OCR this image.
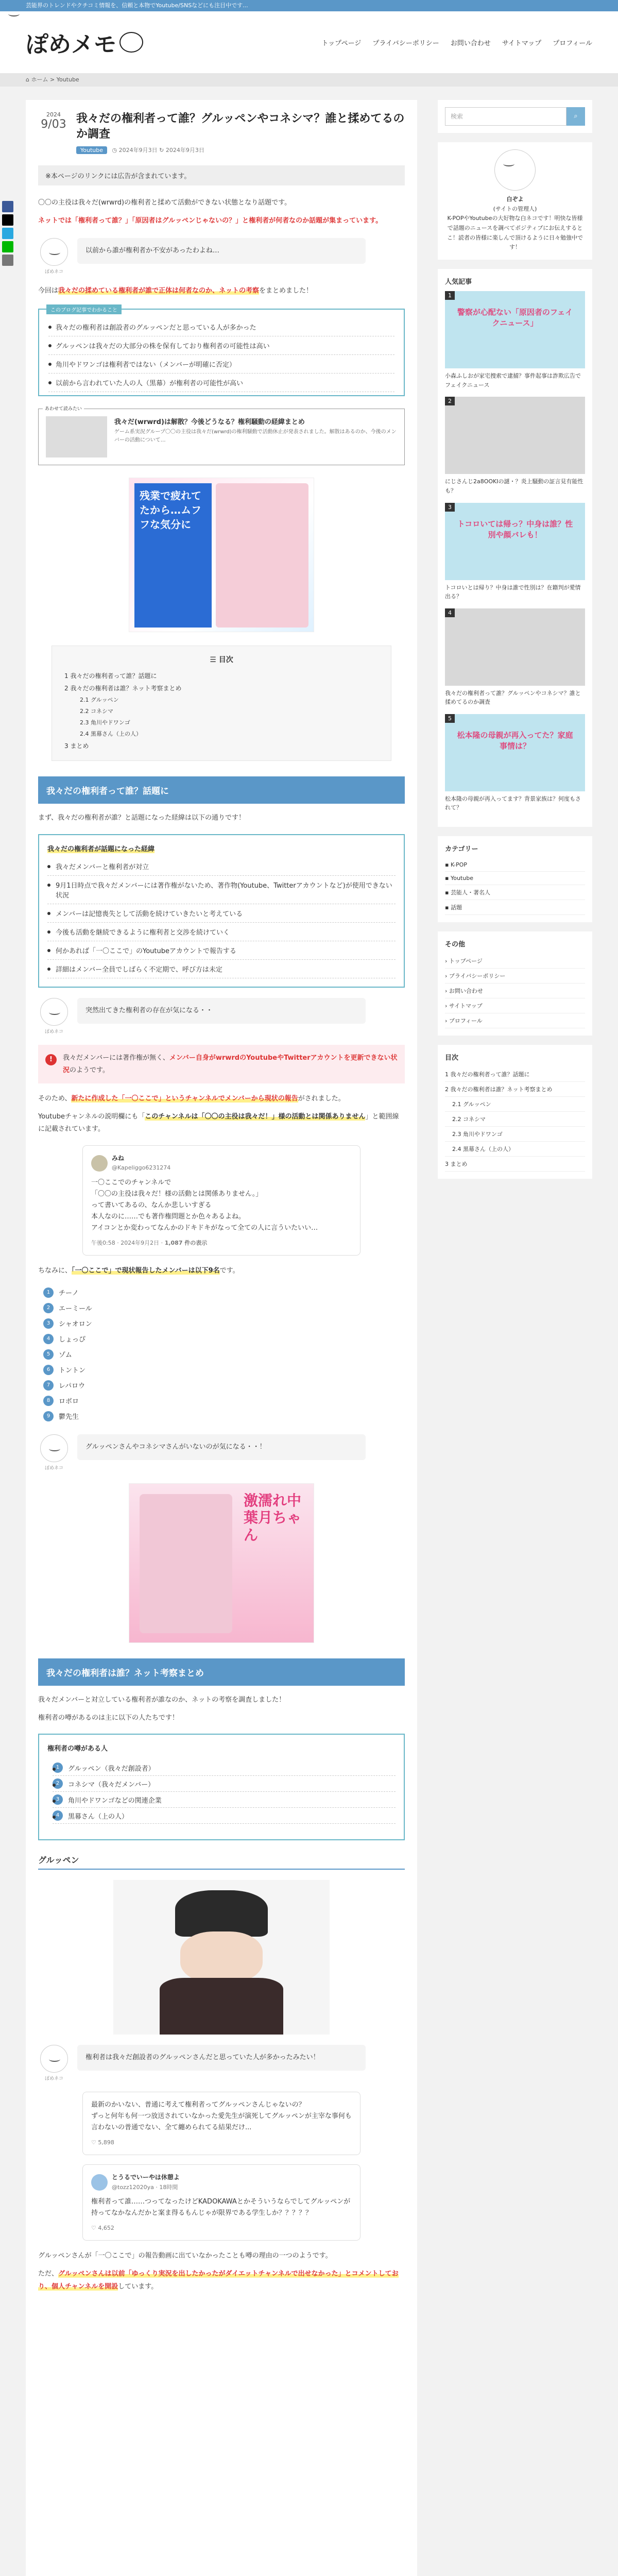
芸能界のトレンドやクチコミ情報を、信頼と本物でYoutube/SNSなどにも注目中です...
ぽめメモ	トップページ プライバシーポリシー お問い合わせ サイトマップ プロフィール
⌂ ホーム > Youtube
2024
9/03 我々だの権利者って誰？グルッペンやコネシマ？誰と揉めてるのか調査
Youtube ◷ 2024年9月3日 ↻ 2024年9月3日
※本ページのリンクには広告が含まれています。

〇〇の主役は我々だ(wrwrd)の権利者と揉めて活動ができない状態となり話題です。

ネットでは「権利者って誰？」「原因者はグルッペンじゃないの？」と権利者が何者なのか話題が集まっています。

ぽめネコ
以前から誰が権利者か不安があったわよね…

今回は我々だの揉めている権利者が誰で正体は何者なのか、ネットの考察をまとめました！

このブログ記事でわかること
我々だの権利者は創設者のグルッペンだと思っている人が多かった
グルッペンは我々だの大部分の株を保有しており権利者の可能性は高い
角川やドワンゴは権利者ではない（メンバーが明確に否定）
以前から言われていた人の人（黒幕）が権利者の可能性が高い
あわせて読みたい
我々だ(wrwrd)は解散？今後どうなる？権利騒動の経緯まとめ
ゲーム系実況グループ〇〇の主役は我々だ(wrwrd)の権利騒動で活動休止が発表されました。解散はあるのか、今後のメンバーの活動について…
残業で疲れてたから…ムフフな気分に
☰ 目次
1 我々だの権利者って誰？話題に
2 我々だの権利者は誰？ネット考察まとめ
2.1 グルッペン
2.2 コネシマ
2.3 角川やドワンゴ
2.4 黒幕さん（上の人）
3 まとめ
我々だの権利者って誰？話題に

まず、我々だの権利者が誰？と話題になった経緯は以下の通りです！

我々だの権利者が話題になった経緯
我々だメンバーと権利者が対立
9月1日時点で我々だメンバーには著作権がないため、著作物(Youtube、Twitterアカウントなど)が使用できない状況
メンバーは記憶喪失として活動を続けていきたいと考えている
今後も活動を継続できるように権利者と交渉を続けていく
何かあれば「一〇ここで」のYoutubeアカウントで報告する
詳細はメンバー全員でしばらく不定期で、呼び方は未定
ぽめネコ
突然出てきた権利者の存在が気になる・・
!	我々だメンバーには著作権が無く、メンバー自身がwrwrdのYoutubeやTwitterアカウントを更新できない状況のようです。

そのため、新たに作成した「一〇ここで」というチャンネルでメンバーから現状の報告がされました。

Youtubeチャンネルの説明欄にも「このチャンネルは「〇〇の主役は我々だ！」様の活動とは関係ありません」と範囲線に記載されています。

みね
@Kapeliggo6231274
一〇ここでのチャンネルで
「〇〇の主役は我々だ！様の活動とは関係ありません。」
って書いてあるの、なんか悲しいすぎる
本人なのに……でも著作権問題とか色々あるよね。
アイコンとか変わってなんかのドキドキがなって全ての人に言ういたいい…
午後0:58 · 2024年9月2日 · 1,087 件の表示

ちなみに、「一〇ここで」で現状報告したメンバーは以下9名です。

1	チーノ
2	エーミール
3	シャオロン
4	しょっぴ
5	ゾム
6	トントン
7	レパロウ
8	ロボロ
9	鬱先生
ぽめネコ
グルッペンさんやコネシマさんがいないのが気になる・・！
激濡れ中 葉月ちゃん
我々だの権利者は誰？ネット考察まとめ

我々だメンバーと対立している権利者が誰なのか、ネットの考察を調査しました！

権利者の噂があるのは主に以下の人たちです！

権利者の噂がある人
1	グルッペン（我々だ創設者）
2	コネシマ（我々だメンバー）
3	角川やドワンゴなどの関連企業
4	黒幕さん（上の人）
グルッペン
ぽめネコ
権利者は我々だ創設者のグルッペンさんだと思っていた人が多かったみたい！
最新のかいない、普通に考えて権利者ってグルッペンさんじゃないの？
ずっと何年も何一つ放送されていなかった愛先生が演死してグルッペンが主宰な事何も言わないの普通でない、全て纏められてる結果だけ...
♡ 5,898
とうるでいーやは休憩よ
@tozz12020ya · 18時間
権利者って誰……つってなったけどKADOKAWAとかそういうならでしてグルッペンが持ってなかなんだかと案ま得るもんじゃが限界である学生しか？？？？？
♡ 4,652

グルッペンさんが「一〇ここで」の報告動画に出ていなかったことも噂の理由の一つのようです。

ただ、グルッペンさんは以前「ゆっくり実況を出したかったがダイエットチャンネルで出せなかった」とコメントしており、個人チャンネルを開設しています。

検索	⌕
白ぞよ
(サイトの管理人)
K-POPやYoutubeの大好物な白ネコです！明快な皆様で話題のニュースを調べてポジティブにお伝えするとこ！読者の皆様に楽しんで頂けるように日々勉強中です！
人気記事
1
警察が心配ない「原因者のフェイクニュース」
小森ふしおが家宅捜索で逮捕？事件起事は詐欺広告でフェイクニュース
2
にじさんじ2a8OOKIの謎・？炎上騒動の証言見有能性も？
3
トコロいては帰っ？中身は誰？性別や顔バレも！
トコロいとは帰り？中身は誰で性別は？在籍判が愛情出る？
4
我々だの権利者って誰？グルッペンやコネシマ？誰と揉めてるのか調査
5
松本隆の母親が再入ってた？家庭事情は？
松本隆の母親が再入ってます？背景家族は？何度もされて？
カテゴリー
▪ K-POP
▪ Youtube
▪ 芸能人・著名人
▪ 話題
その他
› トップページ
› プライバシーポリシー
› お問い合わせ
› サイトマップ
› プロフィール
目次
1 我々だの権利者って誰？話題に
2 我々だの権利者は誰？ネット考察まとめ
2.1 グルッペン
2.2 コネシマ
2.3 角川やドワンゴ
2.4 黒幕さん（上の人）
3 まとめ
